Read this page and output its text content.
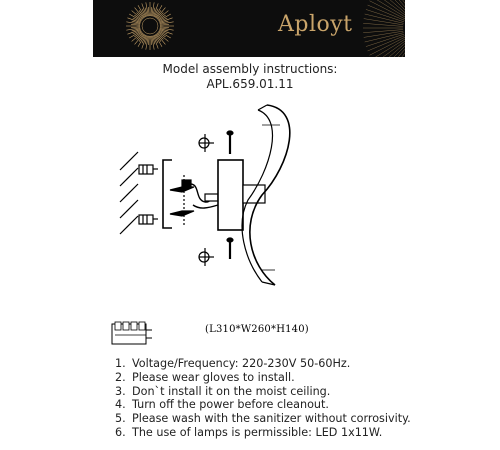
Aployt
Model assembly instructions:
APL.659.01.11
(L310*W260*H140)
1. Voltage/Frequency: 220-230V 50-60Hz.
2. Please wear gloves to install.
3. Don`t install it on the moist ceiling.
4. Turn off the power before cleanout.
5. Please wash with the sanitizer without corrosivity.
6. The use of lamps is permissible: LED 1x11W.
